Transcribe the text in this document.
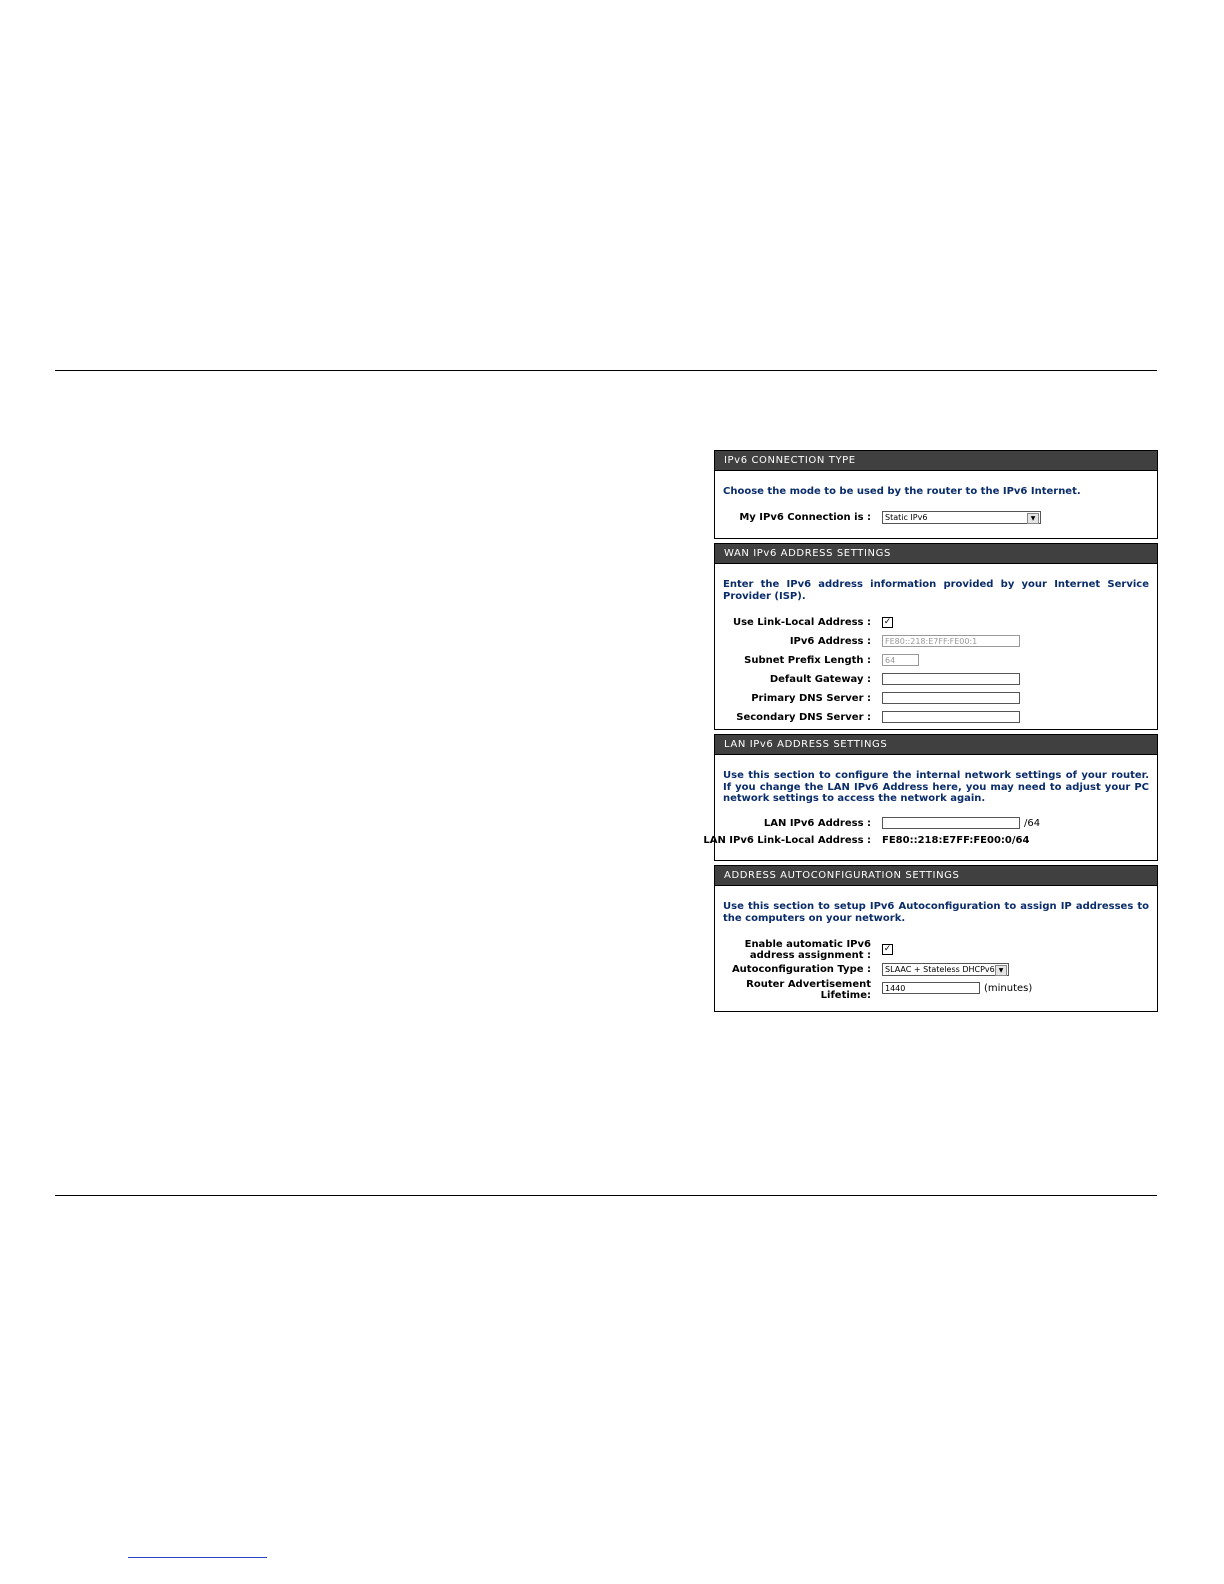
IPv6 CONNECTION TYPE
Choose the mode to be used by the router to the IPv6 Internet.
My IPv6 Connection is :	Static IPv6	▼
WAN IPv6 ADDRESS SETTINGS
Enter the IPv6 address information provided by your Internet Service Provider (ISP).
Use Link-Local Address : ✓
IPv6 Address :	FE80::218:E7FF:FE00:1
Subnet Prefix Length :	64
Default Gateway :
Primary DNS Server :
Secondary DNS Server :
LAN IPv6 ADDRESS SETTINGS
Use this section to configure the internal network settings of your router. If you change the LAN IPv6 Address here, you may need to adjust your PC network settings to access the network again.
LAN IPv6 Address :	/64
LAN IPv6 Link-Local Address : FE80::218:E7FF:FE00:0/64
ADDRESS AUTOCONFIGURATION SETTINGS
Use this section to setup IPv6 Autoconfiguration to assign IP addresses to the computers on your network.
Enable automatic IPv6
address assignment :
✓
Autoconfiguration Type :	SLAAC + Stateless DHCPv6 ▼
Router Advertisement
Lifetime:
1440	(minutes)
